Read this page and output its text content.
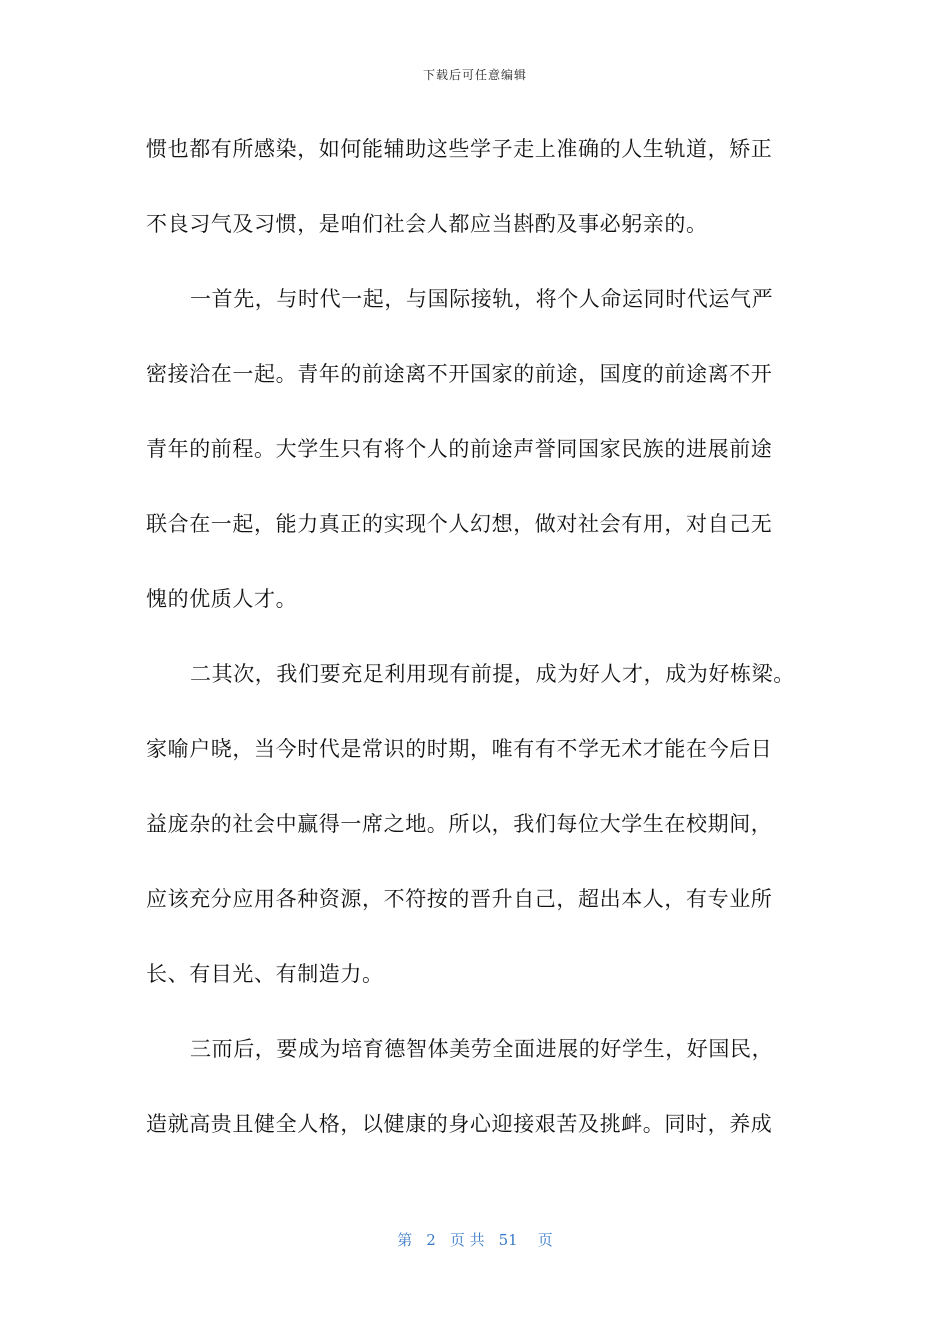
下载后可任意编辑
惯也都有所感染，如何能辅助这些学子走上准确的人生轨道，矫正
不良习气及习惯，是咱们社会人都应当斟酌及事必躬亲的。
一首先，与时代一起，与国际接轨，将个人命运同时代运气严
密接洽在一起。青年的前途离不开国家的前途，国度的前途离不开
青年的前程。大学生只有将个人的前途声誉同国家民族的进展前途
联合在一起，能力真正的实现个人幻想，做对社会有用，对自己无
愧的优质人才。
二其次，我们要充足利用现有前提，成为好人才，成为好栋梁。
家喻户晓，当今时代是常识的时期，唯有有不学无术才能在今后日
益庞杂的社会中赢得一席之地。所以，我们每位大学生在校期间，
应该充分应用各种资源，不符按的晋升自己，超出本人，有专业所
长、有目光、有制造力。
三而后，要成为培育德智体美劳全面进展的好学生，好国民，
造就高贵且健全人格，以健康的身心迎接艰苦及挑衅。同时，养成
第 2 页 共 51 页
